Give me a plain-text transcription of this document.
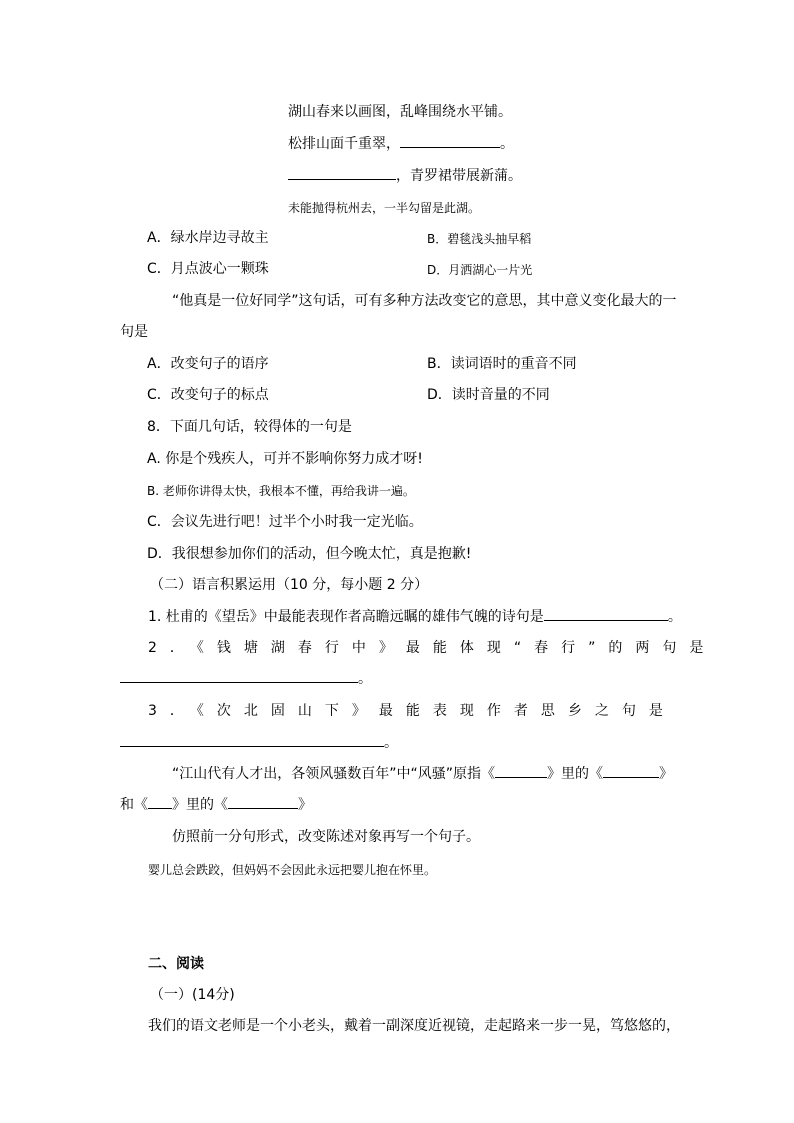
湖山春来以画图，乱峰围绕水平铺。
松排山面千重翠，	。
，青罗裙带展新蒲。
未能抛得杭州去，一半勾留是此湖。
A．绿水岸边寻故主	B．碧毯浅头抽早稻
C．月点波心一颗珠	D．月洒湖心一片光
“他真是一位好同学”这句话，可有多种方法改变它的意思，其中意义变化最大的一
句是
A．改变句子的语序	B．读词语时的重音不同
C．改变句子的标点	D．读时音量的不同
8．下面几句话，较得体的一句是
A. 你是个残疾人，可并不影响你努力成才呀!
B. 老师你讲得太快，我根本不懂，再给我讲一遍。
C．会议先进行吧！过半个小时我一定光临。
D．我很想参加你们的活动，但今晚太忙，真是抱歉!
（二）语言积累运用（10 分，每小题 2 分）
1. 杜甫的《望岳》中最能表现作者高瞻远瞩的雄伟气魄的诗句是	。
2．《钱塘湖春行中》最能体现“春行”的两句是
。
3．《次北固山下》最能表现作者思乡之句是
。
“江山代有人才出，各领风骚数百年”中“风骚”原指《	》里的《	》
和《 》里的《	》
仿照前一分句形式，改变陈述对象再写一个句子。
婴儿总会跌跤，但妈妈不会因此永远把婴儿抱在怀里。
二、阅读
（一）(14分)
我们的语文老师是一个小老头，戴着一副深度近视镜，走起路来一步一晃，笃悠悠的，
